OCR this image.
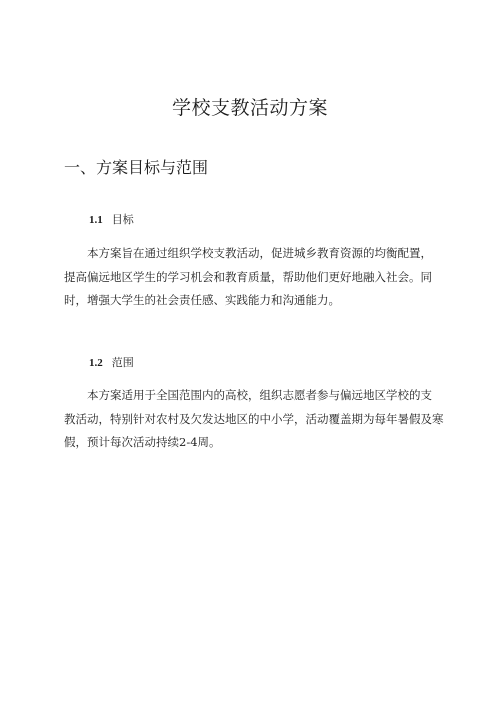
学校支教活动方案
一、方案目标与范围
1.1 目标

本方案旨在通过组织学校支教活动，促进城乡教育资源的均衡配置，
提高偏远地区学生的学习机会和教育质量，帮助他们更好地融入社会。同
时，增强大学生的社会责任感、实践能力和沟通能力。

1.2 范围

本方案适用于全国范围内的高校，组织志愿者参与偏远地区学校的支
教活动，特别针对农村及欠发达地区的中小学，活动覆盖期为每年暑假及寒
假，预计每次活动持续2-4周。
